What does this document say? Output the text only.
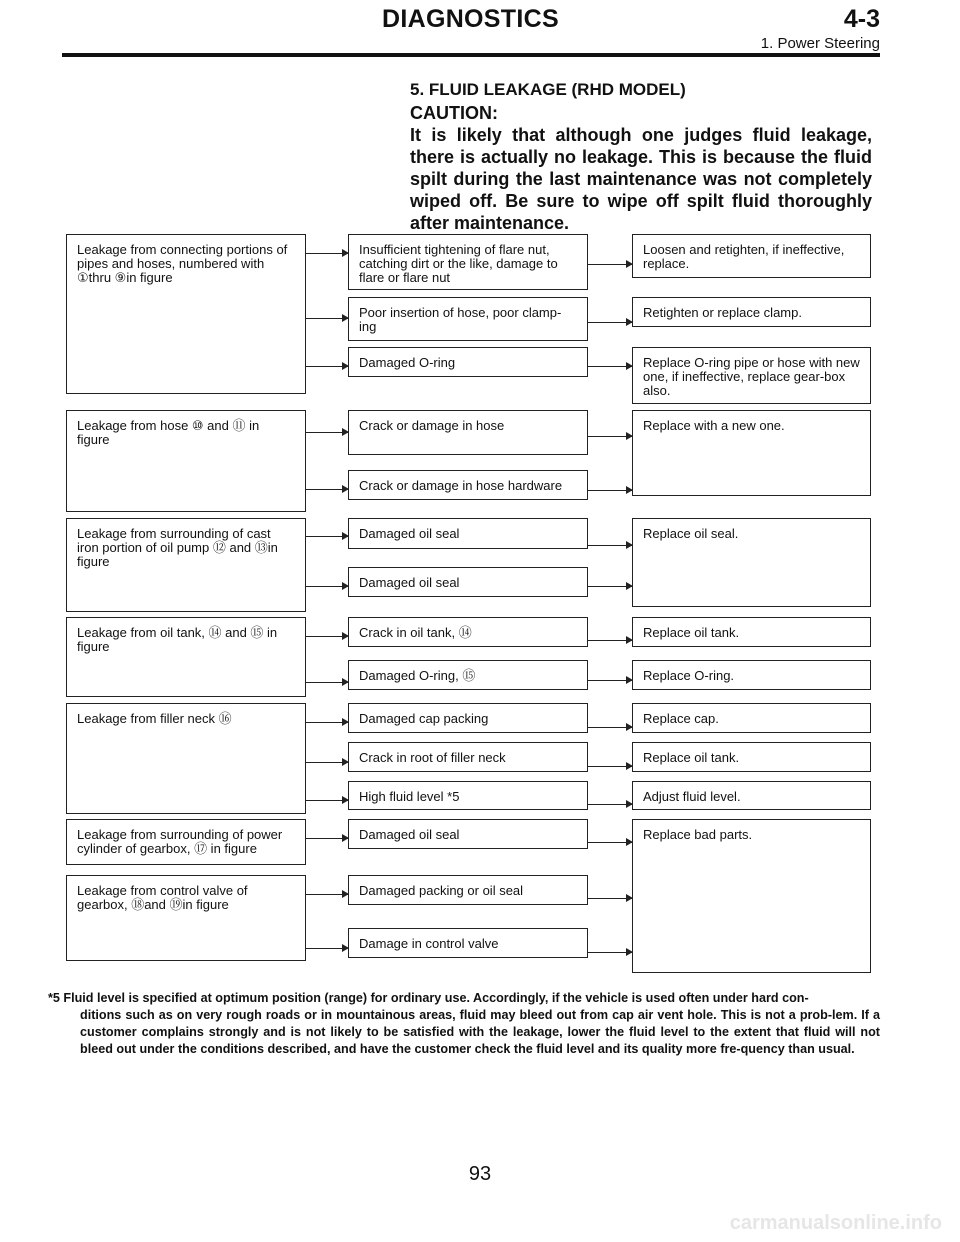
DIAGNOSTICS	4-3
1. Power Steering
5. FLUID LEAKAGE (RHD MODEL)
CAUTION:
It is likely that although one judges fluid leakage, there is actually no leakage. This is because the fluid spilt during the last maintenance was not completely wiped off. Be sure to wipe off spilt fluid thoroughly after maintenance.
Leakage from connecting portions of pipes and hoses, numbered with ①thru ⑨in figure
Leakage from hose ⑩ and ⑪ in figure
Leakage from surrounding of cast iron portion of oil pump ⑫ and ⑬in figure
Leakage from oil tank, ⑭ and ⑮ in figure
Leakage from filler neck ⑯
Leakage from surrounding of power cylinder of gearbox, ⑰ in figure
Leakage from control valve of gearbox, ⑱and ⑲in figure
Insufficient tightening of flare nut, catching dirt or the like, damage to flare or flare nut
Poor insertion of hose, poor clamp-ing
Damaged O-ring
Crack or damage in hose
Crack or damage in hose hardware
Damaged oil seal
Damaged oil seal
Crack in oil tank, ⑭
Damaged O-ring, ⑮
Damaged cap packing
Crack in root of filler neck
High fluid level *5
Damaged oil seal
Damaged packing or oil seal
Damage in control valve
Loosen and retighten, if ineffective, replace.
Retighten or replace clamp.
Replace O-ring pipe or hose with new one, if ineffective, replace gear-box also.
Replace with a new one.
Replace oil seal.
Replace oil tank.
Replace O-ring.
Replace cap.
Replace oil tank.
Adjust fluid level.
Replace bad parts.
*5 Fluid level is specified at optimum position (range) for ordinary use. Accordingly, if the vehicle is used often under hard con-
ditions such as on very rough roads or in mountainous areas, fluid may bleed out from cap air vent hole. This is not a prob-lem. If a customer complains strongly and is not likely to be satisfied with the leakage, lower the fluid level to the extent that fluid will not bleed out under the conditions described, and have the customer check the fluid level and its quality more fre-quency than usual.
93
carmanualsonline.info
